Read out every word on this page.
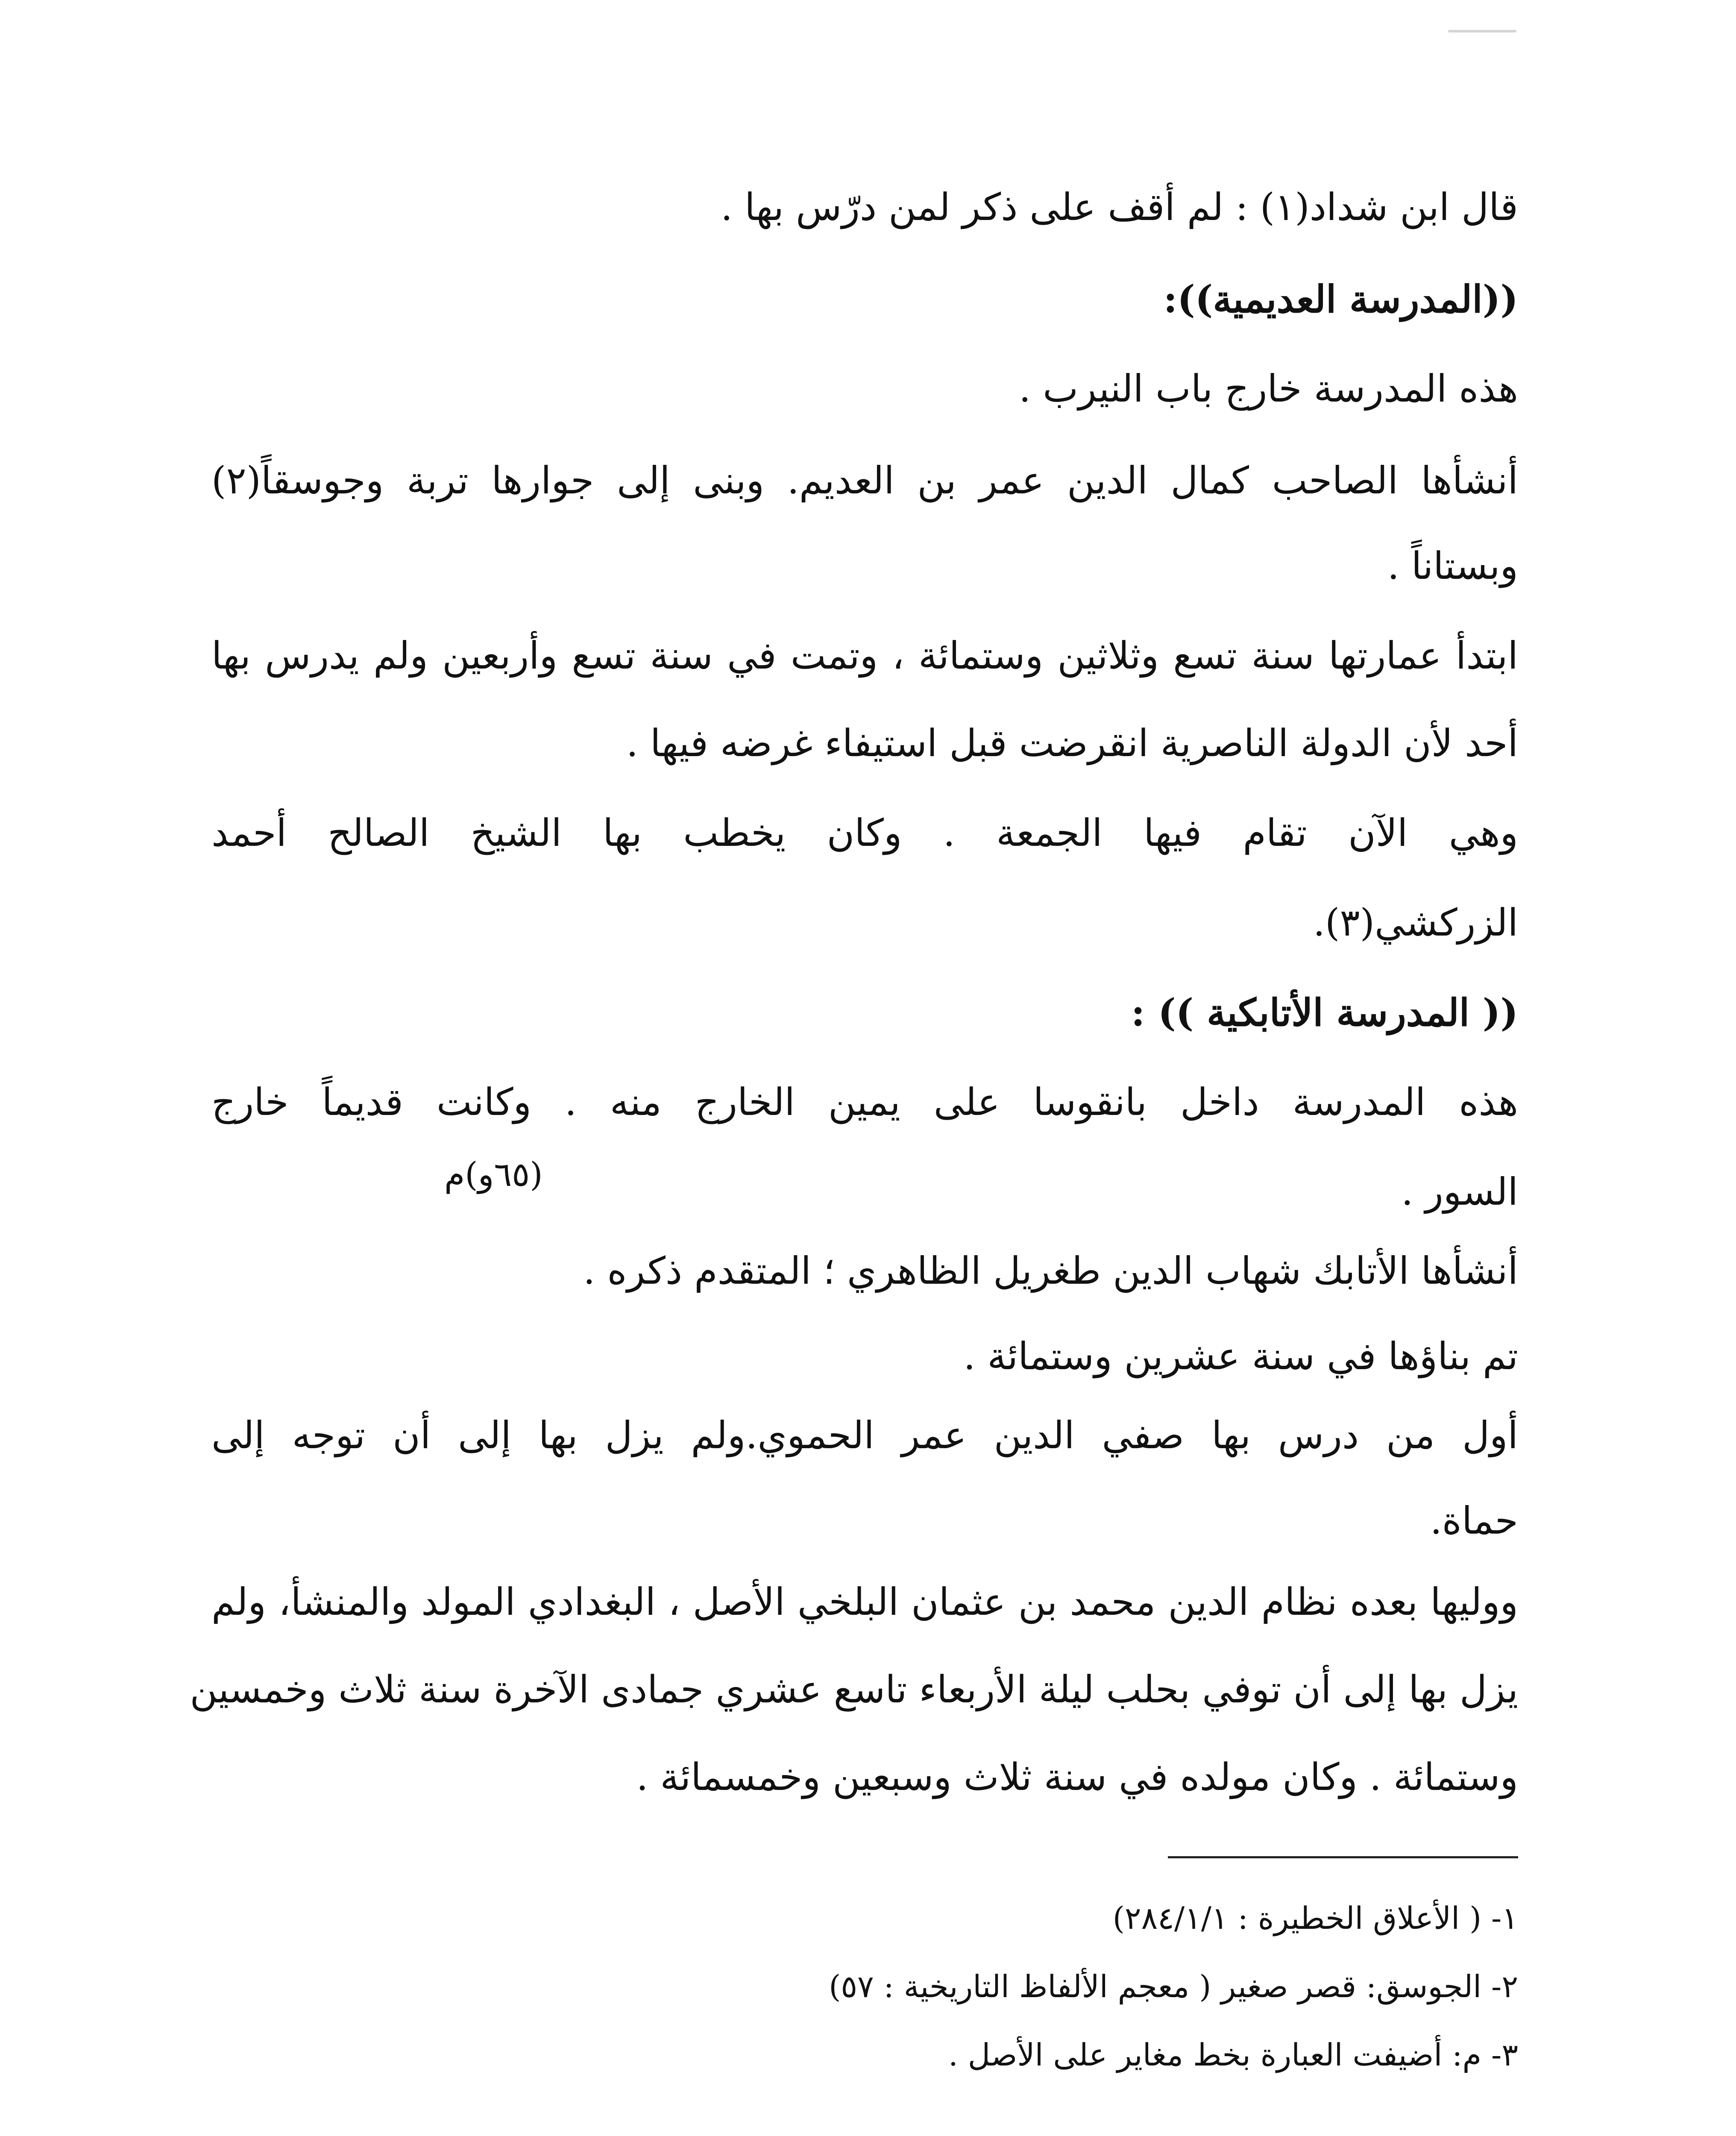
قال ابن شداد(١) : لم أقف على ذكر لمن درّس بها .
((المدرسة العديمية)):
هذه المدرسة خارج باب النيرب .
أنشأها الصاحب كمال الدين عمر بن العديم. وبنى إلى جوارها تربة وجوسقاً(٢)
وبستاناً .
ابتدأ عمارتها سنة تسع وثلاثين وستمائة ، وتمت في سنة تسع وأربعين ولم يدرس بها
أحد لأن الدولة الناصرية انقرضت قبل استيفاء غرضه فيها .
وهي الآن تقام فيها الجمعة . وكان يخطب بها الشيخ الصالح أحمد
الزركشي(٣).
(( المدرسة الأتابكية )) :
هذه المدرسة داخل بانقوسا على يمين الخارج منه . وكانت قديماً خارج
السور .
(٦٥و)م
أنشأها الأتابك شهاب الدين طغريل الظاهري ؛ المتقدم ذكره .
تم بناؤها في سنة عشرين وستمائة .
أول من درس بها صفي الدين عمر الحموي.ولم يزل بها إلى أن توجه إلى
حماة.
ووليها بعده نظام الدين محمد بن عثمان البلخي الأصل ، البغدادي المولد والمنشأ، ولم
يزل بها إلى أن توفي بحلب ليلة الأربعاء تاسع عشري جمادى الآخرة سنة ثلاث وخمسين
وستمائة . وكان مولده في سنة ثلاث وسبعين وخمسمائة .
١- ( الأعلاق الخطيرة : ٢٨٤/١/١)
٢- الجوسق: قصر صغير ( معجم الألفاظ التاريخية : ٥٧)
٣- م: أضيفت العبارة بخط مغاير على الأصل .
